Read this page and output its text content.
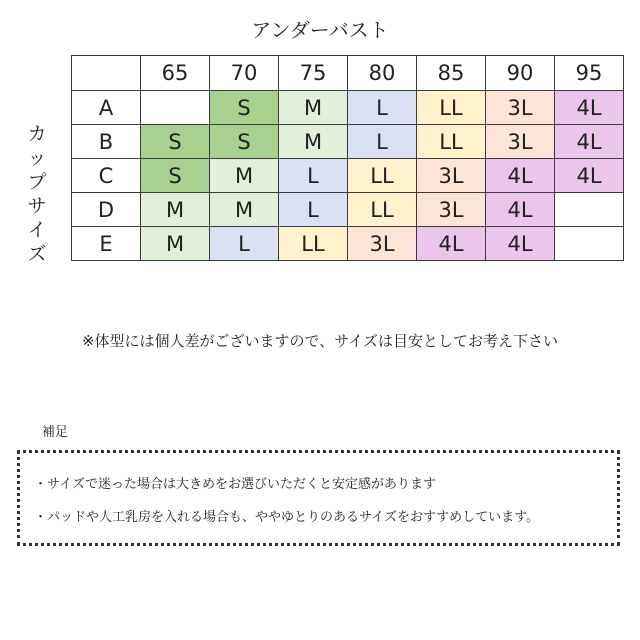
アンダーバスト
カ
ッ
プ
サ
イ
ズ
	65	70	75	80	85	90	95
A		S	M	L	LL	3L	4L
B	S	S	M	L	LL	3L	4L
C	S	M	L	LL	3L	4L	4L
D	M	M	L	LL	3L	4L	
E	M	L	LL	3L	4L	4L	
※体型には個人差がございますので、サイズは目安としてお考え下さい
補足
・サイズで迷った場合は大きめをお選びいただくと安定感があります
・パッドや人工乳房を入れる場合も、ややゆとりのあるサイズをおすすめしています。
